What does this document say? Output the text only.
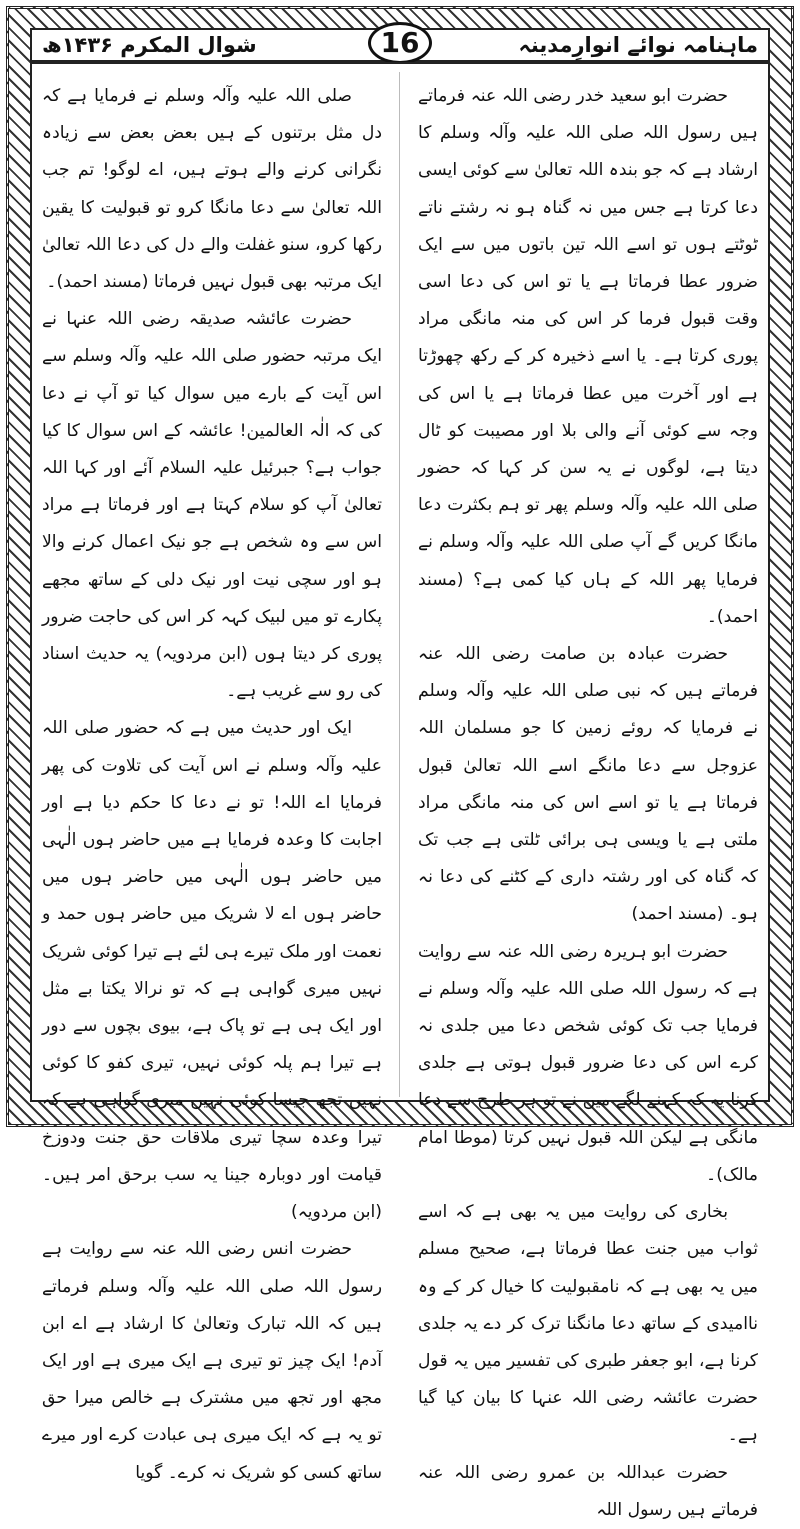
ماہنامہ نوائے انوارِمدینہ
شوال المکرم ۱۴۳۶ھ	16

حضرت ابو سعید خدر رضی اللہ عنہ فرماتے ہیں رسول اللہ صلی اللہ علیہ وآلہ وسلم کا ارشاد ہے کہ جو بندہ اللہ تعالیٰ سے کوئی ایسی دعا کرتا ہے جس میں نہ گناہ ہو نہ رشتے ناتے ٹوٹتے ہوں تو اسے اللہ تین باتوں میں سے ایک ضرور عطا فرماتا ہے یا تو اس کی دعا اسی وقت قبول فرما کر اس کی منہ مانگی مراد پوری کرتا ہے۔ یا اسے ذخیرہ کر کے رکھ چھوڑتا ہے اور آخرت میں عطا فرماتا ہے یا اس کی وجہ سے کوئی آنے والی بلا اور مصیبت کو ٹال دیتا ہے، لوگوں نے یہ سن کر کہا کہ حضور صلی اللہ علیہ وآلہ وسلم پھر تو ہم بکثرت دعا مانگا کریں گے آپ صلی اللہ علیہ وآلہ وسلم نے فرمایا پھر اللہ کے ہاں کیا کمی ہے؟ (مسند احمد)۔

حضرت عبادہ بن صامت رضی اللہ عنہ فرماتے ہیں کہ نبی صلی اللہ علیہ وآلہ وسلم نے فرمایا کہ روئے زمین کا جو مسلمان اللہ عزوجل سے دعا مانگے اسے اللہ تعالیٰ قبول فرماتا ہے یا تو اسے اس کی منہ مانگی مراد ملتی ہے یا ویسی ہی برائی ٹلتی ہے جب تک کہ گناہ کی اور رشتہ داری کے کٹنے کی دعا نہ ہو۔ (مسند احمد)

حضرت ابو ہریرہ رضی اللہ عنہ سے روایت ہے کہ رسول اللہ صلی اللہ علیہ وآلہ وسلم نے فرمایا جب تک کوئی شخص دعا میں جلدی نہ کرے اس کی دعا ضرور قبول ہوتی ہے جلدی کرنا یہ کہ کہنے لگے میں نے تو ہر طرح سے دعا مانگی ہے لیکن اللہ قبول نہیں کرتا (موطا امام مالک)۔

بخاری کی روایت میں یہ بھی ہے کہ اسے ثواب میں جنت عطا فرماتا ہے، صحیح مسلم میں یہ بھی ہے کہ نامقبولیت کا خیال کر کے وہ ناامیدی کے ساتھ دعا مانگنا ترک کر دے یہ جلدی کرنا ہے، ابو جعفر طبری کی تفسیر میں یہ قول حضرت عائشہ رضی اللہ عنہا کا بیان کیا گیا ہے۔

حضرت عبداللہ بن عمرو رضی اللہ عنہ فرماتے ہیں رسول اللہ

صلی اللہ علیہ وآلہ وسلم نے فرمایا ہے کہ دل مثل برتنوں کے ہیں بعض بعض سے زیادہ نگرانی کرنے والے ہوتے ہیں، اے لوگو! تم جب اللہ تعالیٰ سے دعا مانگا کرو تو قبولیت کا یقین رکھا کرو، سنو غفلت والے دل کی دعا اللہ تعالیٰ ایک مرتبہ بھی قبول نہیں فرماتا (مسند احمد)۔

حضرت عائشہ صدیقہ رضی اللہ عنہا نے ایک مرتبہ حضور صلی اللہ علیہ وآلہ وسلم سے اس آیت کے بارے میں سوال کیا تو آپ نے دعا کی کہ الٰہ العالمین! عائشہ کے اس سوال کا کیا جواب ہے؟ جبرئیل علیہ السلام آئے اور کہا اللہ تعالیٰ آپ کو سلام کہتا ہے اور فرماتا ہے مراد اس سے وہ شخص ہے جو نیک اعمال کرنے والا ہو اور سچی نیت اور نیک دلی کے ساتھ مجھے پکارے تو میں لبیک کہہ کر اس کی حاجت ضرور پوری کر دیتا ہوں (ابن مردویہ) یہ حدیث اسناد کی رو سے غریب ہے۔

ایک اور حدیث میں ہے کہ حضور صلی اللہ علیہ وآلہ وسلم نے اس آیت کی تلاوت کی پھر فرمایا اے اللہ! تو نے دعا کا حکم دیا ہے اور اجابت کا وعدہ فرمایا ہے میں حاضر ہوں الٰہی میں حاضر ہوں الٰہی میں حاضر ہوں میں حاضر ہوں اے لا شریک میں حاضر ہوں حمد و نعمت اور ملک تیرے ہی لئے ہے تیرا کوئی شریک نہیں میری گواہی ہے کہ تو نرالا یکتا بے مثل اور ایک ہی ہے تو پاک ہے، بیوی بچوں سے دور ہے تیرا ہم پلہ کوئی نہیں، تیری کفو کا کوئی نہیں تجھ جیسا کوئی نہیں میری گواہی ہے کہ تیرا وعدہ سچا تیری ملاقات حق جنت ودوزخ قیامت اور دوبارہ جینا یہ سب برحق امر ہیں۔ (ابن مردویہ)

حضرت انس رضی اللہ عنہ سے روایت ہے رسول اللہ صلی اللہ علیہ وآلہ وسلم فرماتے ہیں کہ اللہ تبارک وتعالیٰ کا ارشاد ہے اے ابن آدم! ایک چیز تو تیری ہے ایک میری ہے اور ایک مجھ اور تجھ میں مشترک ہے خالص میرا حق تو یہ ہے کہ ایک میری ہی عبادت کرے اور میرے ساتھ کسی کو شریک نہ کرے۔ گویا
